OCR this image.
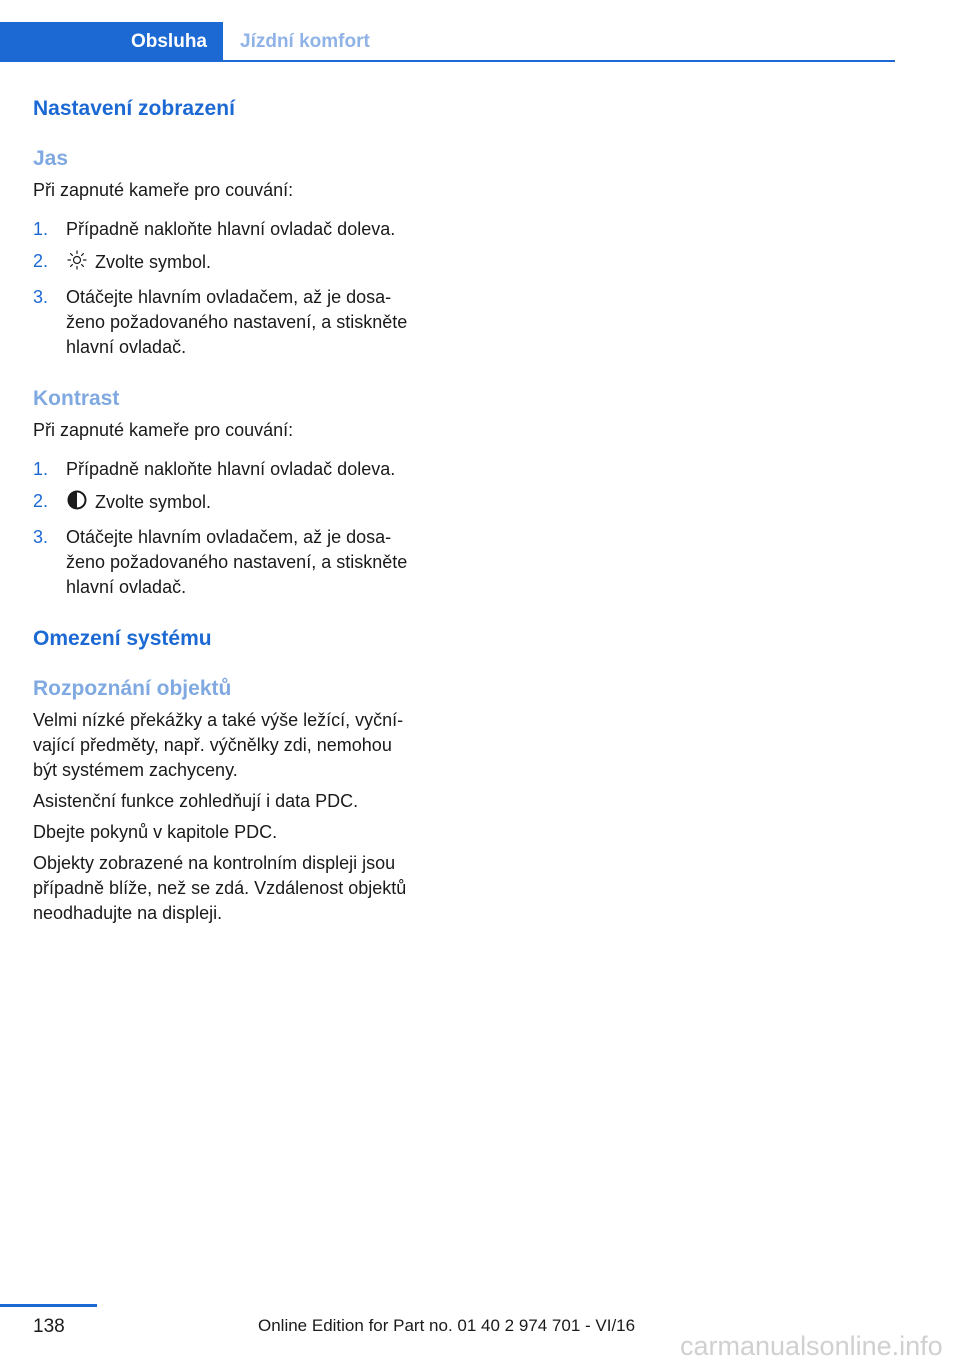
Obsluha	Jízdní komfort
Nastavení zobrazení
Jas

Při zapnuté kameře pro couvání:

1. Případně nakloňte hlavní ovladač doleva.
2.	Zvolte symbol.
3. Otáčejte hlavním ovladačem, až je dosa‑
ženo požadovaného nastavení, a stiskněte
hlavní ovladač.
Kontrast

Při zapnuté kameře pro couvání:

1. Případně nakloňte hlavní ovladač doleva.
2.	Zvolte symbol.
3. Otáčejte hlavním ovladačem, až je dosa‑
ženo požadovaného nastavení, a stiskněte
hlavní ovladač.
Omezení systému
Rozpoznání objektů

Velmi nízké překážky a také výše ležící, vyční‑
vající předměty, např. výčnělky zdi, nemohou
být systémem zachyceny.

Asistenční funkce zohledňují i data PDC.

Dbejte pokynů v kapitole PDC.

Objekty zobrazené na kontrolním displeji jsou
případně blíže, než se zdá. Vzdálenost objektů
neodhadujte na displeji.

138	Online Edition for Part no. 01 40 2 974 701 - VI/16
carmanualsonline.info
